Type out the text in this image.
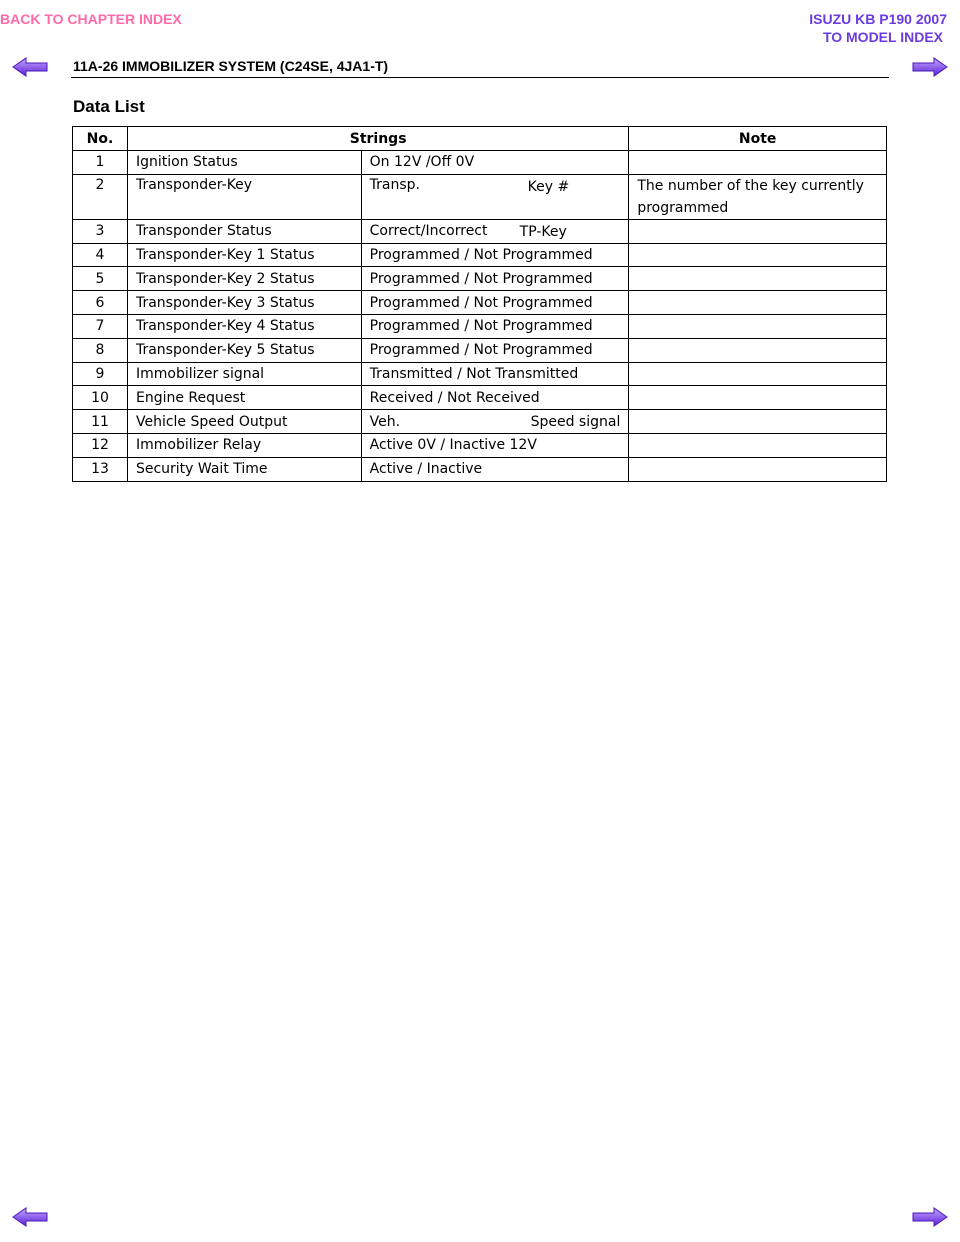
BACK TO CHAPTER INDEX	ISUZU KB P190 2007
TO MODEL INDEX
11A-26 IMMOBILIZER SYSTEM (C24SE, 4JA1-T)
Data List
No.	Strings		Note
1	Ignition Status	On 12V /Off 0V	
2	Transponder-Key	Transp. Key #	The number of the key currently programmed
3	Transponder Status	Correct/Incorrect TP-Key	

4	Transponder-Key 1 Status	Programmed / Not Programmed	
5	Transponder-Key 2 Status	Programmed / Not Programmed	
6	Transponder-Key 3 Status	Programmed / Not Programmed	
7	Transponder-Key 4 Status	Programmed / Not Programmed	
8	Transponder-Key 5 Status	Programmed / Not Programmed	
9	Immobilizer signal	Transmitted / Not Transmitted	
10	Engine Request	Received / Not Received	
11	Vehicle Speed Output	Veh. Speed signal	

12	Immobilizer Relay	Active 0V / Inactive 12V	
13	Security Wait Time	Active / Inactive	
